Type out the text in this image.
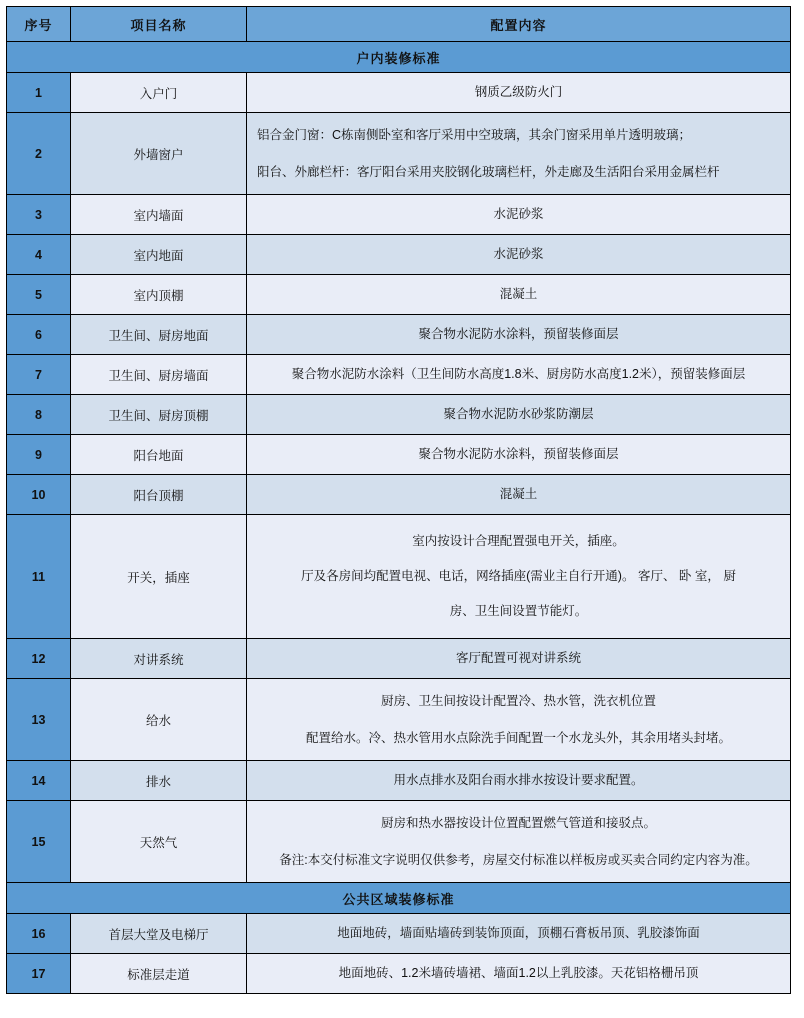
序号	项目名称	配置内容
户内装修标准		
1	入户门	钢质乙级防火门

2	外墙窗户	铝合金门窗：C栋南侧卧室和客厅采用中空玻璃，其余门窗采用单片透明玻璃；
阳台、外廊栏杆：客厅阳台采用夹胶钢化玻璃栏杆，外走廊及生活阳台采用金属栏杆

3	室内墙面	水泥砂浆

4	室内地面	水泥砂浆

5	室内顶棚	混凝土

6	卫生间、厨房地面	聚合物水泥防水涂料，预留装修面层

7	卫生间、厨房墙面	聚合物水泥防水涂料（卫生间防水高度1.8米、厨房防水高度1.2米），预留装修面层

8	卫生间、厨房顶棚	聚合物水泥防水砂浆防潮层

9	阳台地面	聚合物水泥防水涂料，预留装修面层

10	阳台顶棚	混凝土

11	开关，插座	室内按设计合理配置强电开关，插座。
厅及各房间均配置电视、电话，网络插座(需业主自行开通)。 客厅、 卧 室， 厨
房、卫生间设置节能灯。

12	对讲系统	客厅配置可视对讲系统

13	给水	厨房、卫生间按设计配置冷、热水管，洗衣机位置
配置给水。冷、热水管用水点除洗手间配置一个水龙头外，其余用堵头封堵。

14	排水	用水点排水及阳台雨水排水按设计要求配置。

15	天然气	厨房和热水器按设计位置配置燃气管道和接驳点。
备注:本交付标准文字说明仅供参考，房屋交付标准以样板房或买卖合同约定内容为准。

公共区域装修标准		
16	首层大堂及电梯厅	地面地砖，墙面贴墙砖到装饰顶面，顶棚石膏板吊顶、乳胶漆饰面

17	标准层走道	地面地砖、1.2米墙砖墙裙、墙面1.2以上乳胶漆。天花铝格栅吊顶
